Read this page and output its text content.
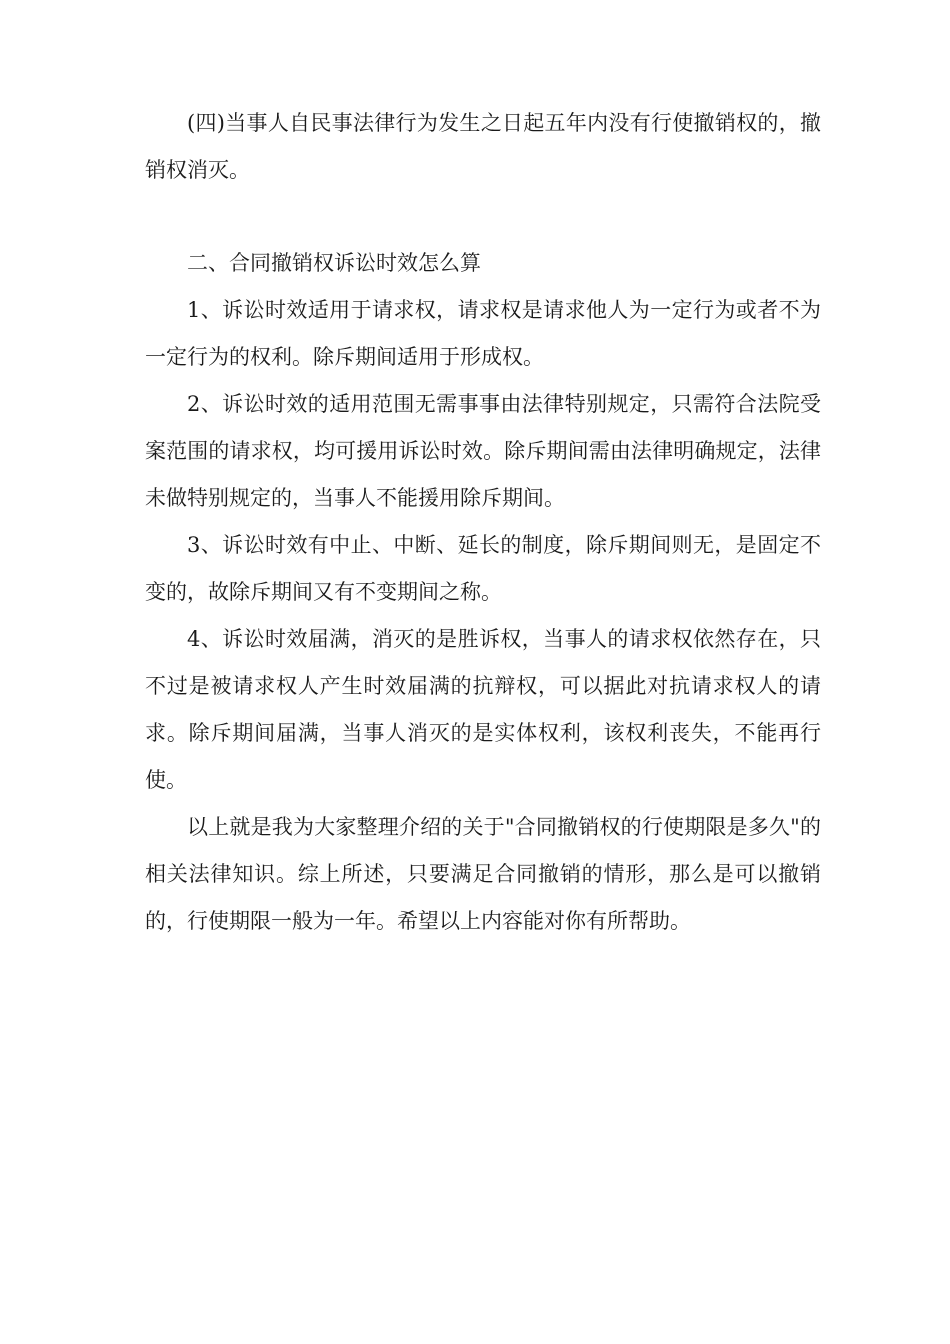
(四)当事人自民事法律行为发生之日起五年内没有行使撤销权的，撤销权消灭。

二、合同撤销权诉讼时效怎么算

1、诉讼时效适用于请求权，请求权是请求他人为一定行为或者不为一定行为的权利。除斥期间适用于形成权。

2、诉讼时效的适用范围无需事事由法律特别规定，只需符合法院受案范围的请求权，均可援用诉讼时效。除斥期间需由法律明确规定，法律未做特别规定的，当事人不能援用除斥期间。

3、诉讼时效有中止、中断、延长的制度，除斥期间则无，是固定不变的，故除斥期间又有不变期间之称。

4、诉讼时效届满，消灭的是胜诉权，当事人的请求权依然存在，只不过是被请求权人产生时效届满的抗辩权，可以据此对抗请求权人的请求。除斥期间届满，当事人消灭的是实体权利，该权利丧失，不能再行使。

以上就是我为大家整理介绍的关于"合同撤销权的行使期限是多久"的相关法律知识。综上所述，只要满足合同撤销的情形，那么是可以撤销的，行使期限一般为一年。希望以上内容能对你有所帮助。
